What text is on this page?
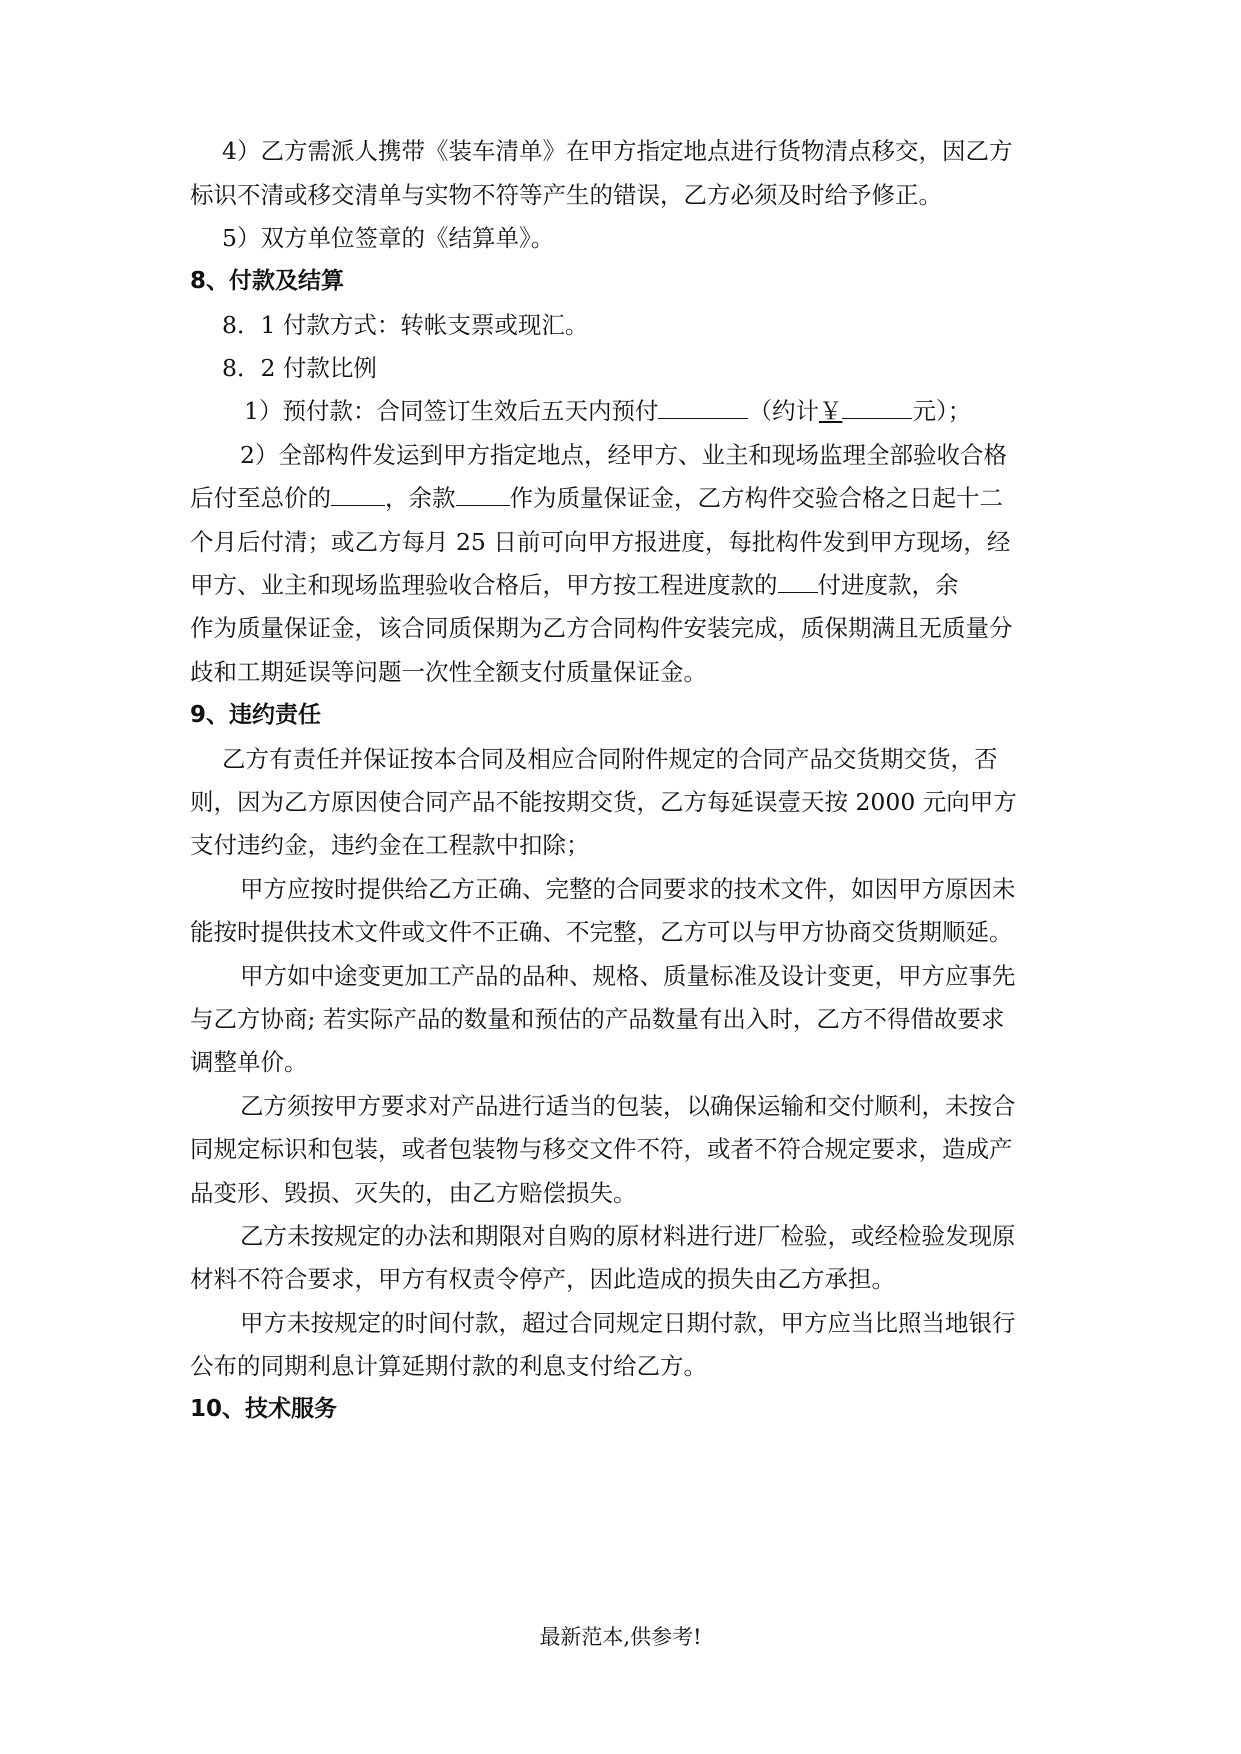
4）乙方需派人携带《装车清单》在甲方指定地点进行货物清点移交，因乙方
标识不清或移交清单与实物不符等产生的错误，乙方必须及时给予修正。
5）双方单位签章的《结算单》。
8、付款及结算
8．1 付款方式：转帐支票或现汇。
8．2 付款比例
1）预付款：合同签订生效后五天内预付	（约计￥	元）；
2）全部构件发运到甲方指定地点，经甲方、业主和现场监理全部验收合格
后付至总价的 ，余款 作为质量保证金，乙方构件交验合格之日起十二
个月后付清；或乙方每月 25 日前可向甲方报进度，每批构件发到甲方现场，经
甲方、业主和现场监理验收合格后，甲方按工程进度款的 付进度款，余
作为质量保证金，该合同质保期为乙方合同构件安装完成，质保期满且无质量分
歧和工期延误等问题一次性全额支付质量保证金。
9、违约责任
乙方有责任并保证按本合同及相应合同附件规定的合同产品交货期交货，否
则，因为乙方原因使合同产品不能按期交货，乙方每延误壹天按 2000 元向甲方
支付违约金，违约金在工程款中扣除；
甲方应按时提供给乙方正确、完整的合同要求的技术文件，如因甲方原因未
能按时提供技术文件或文件不正确、不完整，乙方可以与甲方协商交货期顺延。
甲方如中途变更加工产品的品种、规格、质量标准及设计变更，甲方应事先
与乙方协商; 若实际产品的数量和预估的产品数量有出入时，乙方不得借故要求
调整单价。
乙方须按甲方要求对产品进行适当的包装，以确保运输和交付顺利，未按合
同规定标识和包装，或者包装物与移交文件不符，或者不符合规定要求，造成产
品变形、毁损、灭失的，由乙方赔偿损失。
乙方未按规定的办法和期限对自购的原材料进行进厂检验，或经检验发现原
材料不符合要求，甲方有权责令停产，因此造成的损失由乙方承担。
甲方未按规定的时间付款，超过合同规定日期付款，甲方应当比照当地银行
公布的同期利息计算延期付款的利息支付给乙方。
10、技术服务
最新范本,供参考!
